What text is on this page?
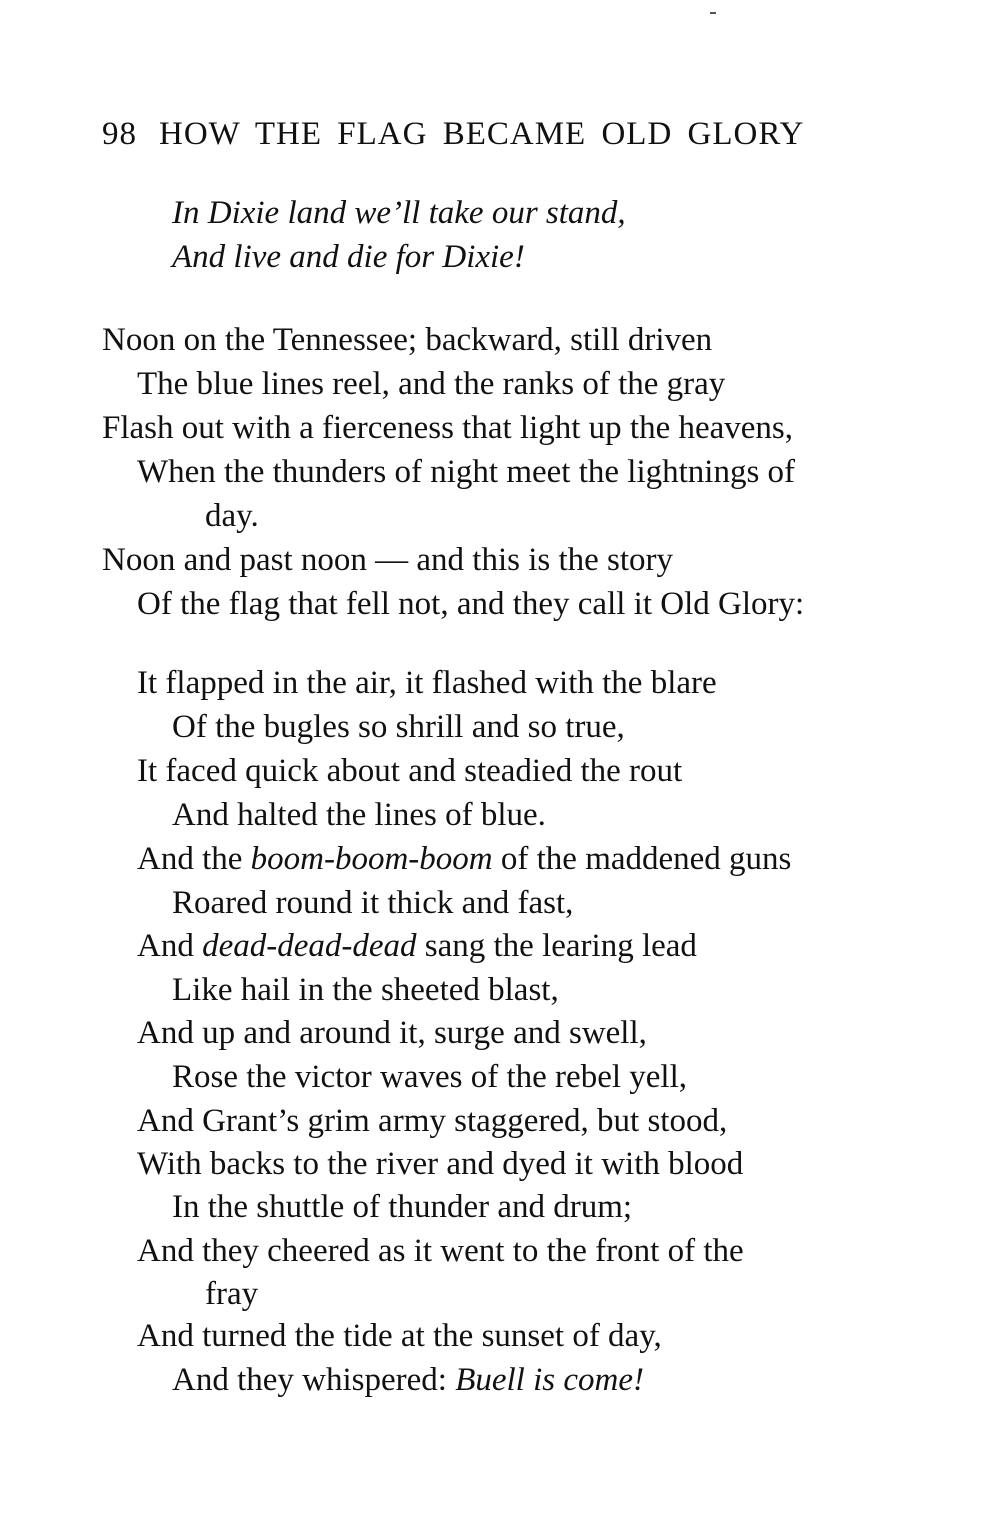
98 HOW THE FLAG BECAME OLD GLORY
In Dixie land we’ll take our stand,
And live and die for Dixie!
Noon on the Tennessee; backward, still driven
The blue lines reel, and the ranks of the gray
Flash out with a fierceness that light up the heavens,
When the thunders of night meet the lightnings of
day.
Noon and past noon — and this is the story
Of the flag that fell not, and they call it Old Glory:
It flapped in the air, it flashed with the blare
Of the bugles so shrill and so true,
It faced quick about and steadied the rout
And halted the lines of blue.
And the boom-boom-boom of the maddened guns
Roared round it thick and fast,
And dead-dead-dead sang the learing lead
Like hail in the sheeted blast,
And up and around it, surge and swell,
Rose the victor waves of the rebel yell,
And Grant’s grim army staggered, but stood,
With backs to the river and dyed it with blood
In the shuttle of thunder and drum;
And they cheered as it went to the front of the
fray
And turned the tide at the sunset of day,
And they whispered: Buell is come!
